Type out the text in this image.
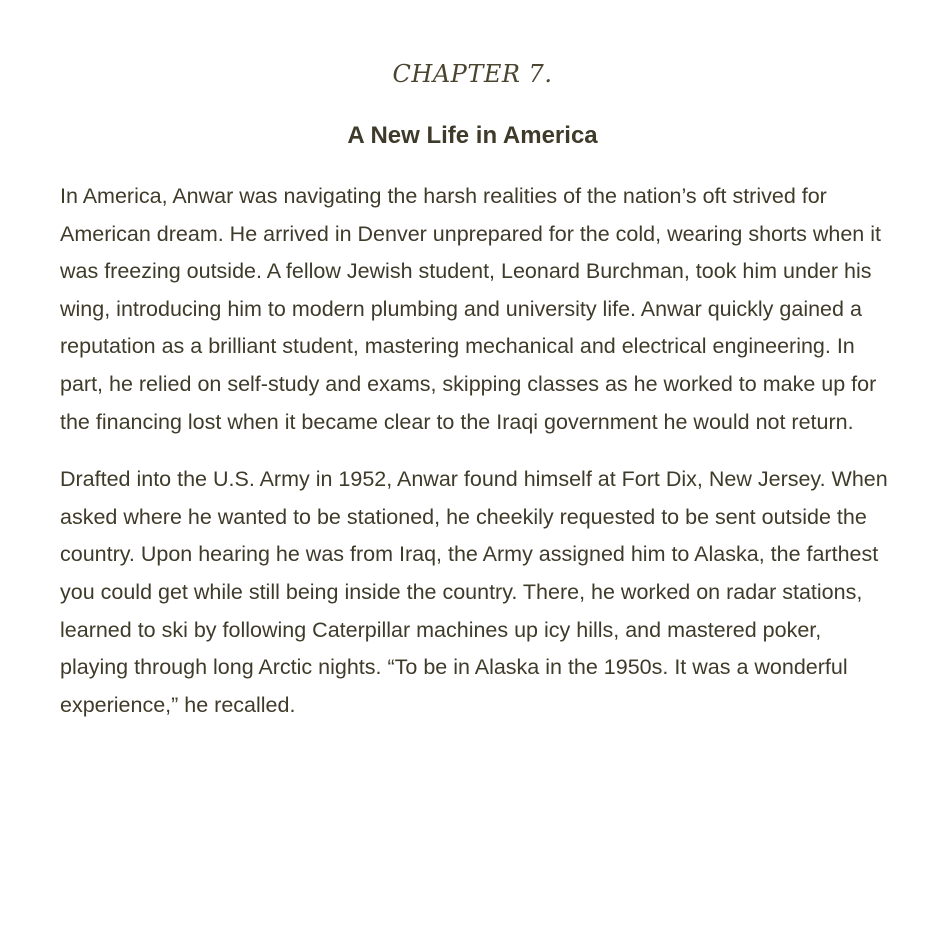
CHAPTER 7.
A New Life in America

In America, Anwar was navigating the harsh realities of the nation’s oft strived for American dream. He arrived in Denver unprepared for the cold, wearing shorts when it was freezing outside. A fellow Jewish student, Leonard Burchman, took him under his wing, introducing him to modern plumbing and university life. Anwar quickly gained a reputation as a brilliant student, mastering mechanical and electrical engineering. In part, he relied on self-study and exams, skipping classes as he worked to make up for the financing lost when it became clear to the Iraqi government he would not return.

Drafted into the U.S. Army in 1952, Anwar found himself at Fort Dix, New Jersey. When asked where he wanted to be stationed, he cheekily requested to be sent outside the country. Upon hearing he was from Iraq, the Army assigned him to Alaska, the farthest you could get while still being inside the country. There, he worked on radar stations, learned to ski by following Caterpillar machines up icy hills, and mastered poker, playing through long Arctic nights. “To be in Alaska in the 1950s. It was a wonderful experience,” he recalled.
